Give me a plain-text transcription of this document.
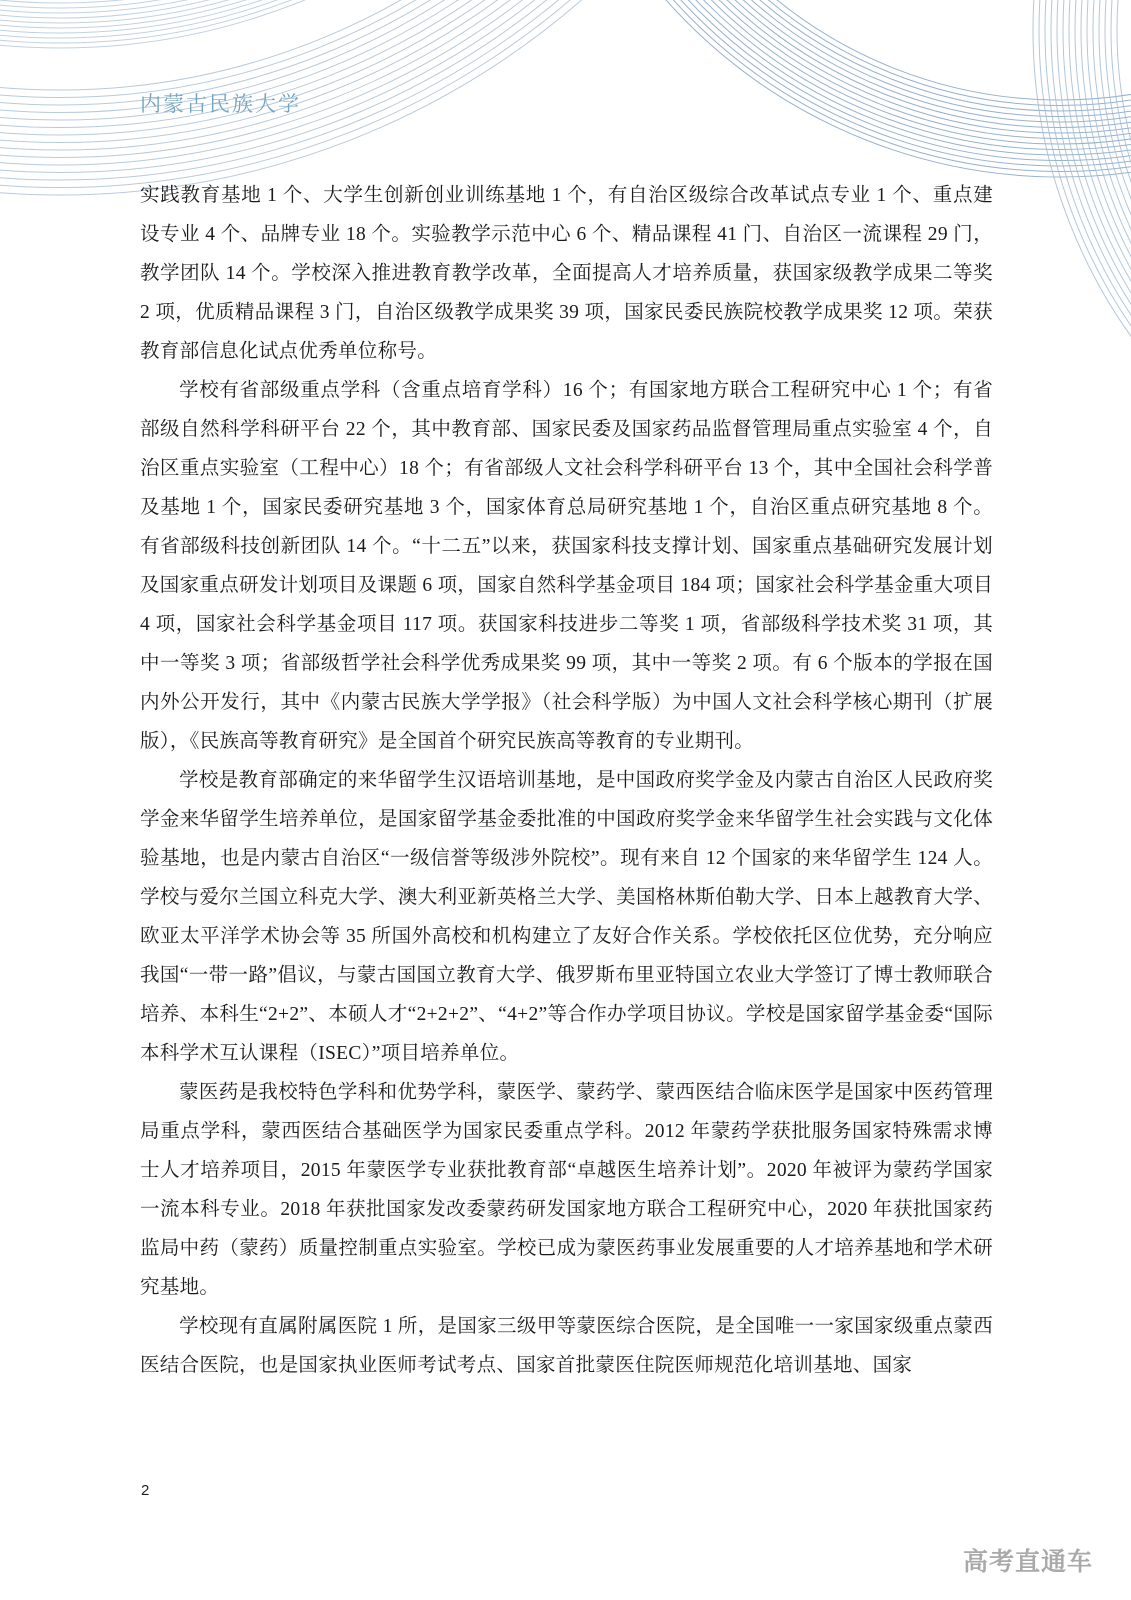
内蒙古民族大学

实践教育基地 1 个、大学生创新创业训练基地 1 个，有自治区级综合改革试点专业 1 个、重点建设专业 4 个、品牌专业 18 个。实验教学示范中心 6 个、精品课程 41 门、自治区一流课程 29 门，教学团队 14 个。学校深入推进教育教学改革，全面提高人才培养质量，获国家级教学成果二等奖 2 项，优质精品课程 3 门，自治区级教学成果奖 39 项，国家民委民族院校教学成果奖 12 项。荣获教育部信息化试点优秀单位称号。

学校有省部级重点学科（含重点培育学科）16 个；有国家地方联合工程研究中心 1 个；有省部级自然科学科研平台 22 个，其中教育部、国家民委及国家药品监督管理局重点实验室 4 个，自治区重点实验室（工程中心）18 个；有省部级人文社会科学科研平台 13 个，其中全国社会科学普及基地 1 个，国家民委研究基地 3 个，国家体育总局研究基地 1 个，自治区重点研究基地 8 个。有省部级科技创新团队 14 个。“十二五”以来，获国家科技支撑计划、国家重点基础研究发展计划及国家重点研发计划项目及课题 6 项，国家自然科学基金项目 184 项；国家社会科学基金重大项目 4 项，国家社会科学基金项目 117 项。获国家科技进步二等奖 1 项，省部级科学技术奖 31 项，其中一等奖 3 项；省部级哲学社会科学优秀成果奖 99 项，其中一等奖 2 项。有 6 个版本的学报在国内外公开发行，其中《内蒙古民族大学学报》（社会科学版）为中国人文社会科学核心期刊（扩展版），《民族高等教育研究》是全国首个研究民族高等教育的专业期刊。

学校是教育部确定的来华留学生汉语培训基地，是中国政府奖学金及内蒙古自治区人民政府奖学金来华留学生培养单位，是国家留学基金委批准的中国政府奖学金来华留学生社会实践与文化体验基地，也是内蒙古自治区“一级信誉等级涉外院校”。现有来自 12 个国家的来华留学生 124 人。学校与爱尔兰国立科克大学、澳大利亚新英格兰大学、美国格林斯伯勒大学、日本上越教育大学、欧亚太平洋学术协会等 35 所国外高校和机构建立了友好合作关系。学校依托区位优势，充分响应我国“一带一路”倡议，与蒙古国国立教育大学、俄罗斯布里亚特国立农业大学签订了博士教师联合培养、本科生“2+2”、本硕人才“2+2+2”、“4+2”等合作办学项目协议。学校是国家留学基金委“国际本科学术互认课程（ISEC）”项目培养单位。

蒙医药是我校特色学科和优势学科，蒙医学、蒙药学、蒙西医结合临床医学是国家中医药管理局重点学科，蒙西医结合基础医学为国家民委重点学科。2012 年蒙药学获批服务国家特殊需求博士人才培养项目，2015 年蒙医学专业获批教育部“卓越医生培养计划”。2020 年被评为蒙药学国家一流本科专业。2018 年获批国家发改委蒙药研发国家地方联合工程研究中心，2020 年获批国家药监局中药（蒙药）质量控制重点实验室。学校已成为蒙医药事业发展重要的人才培养基地和学术研究基地。

学校现有直属附属医院 1 所，是国家三级甲等蒙医综合医院，是全国唯一一家国家级重点蒙西医结合医院，也是国家执业医师考试考点、国家首批蒙医住院医师规范化培训基地、国家

2
高考直通车
